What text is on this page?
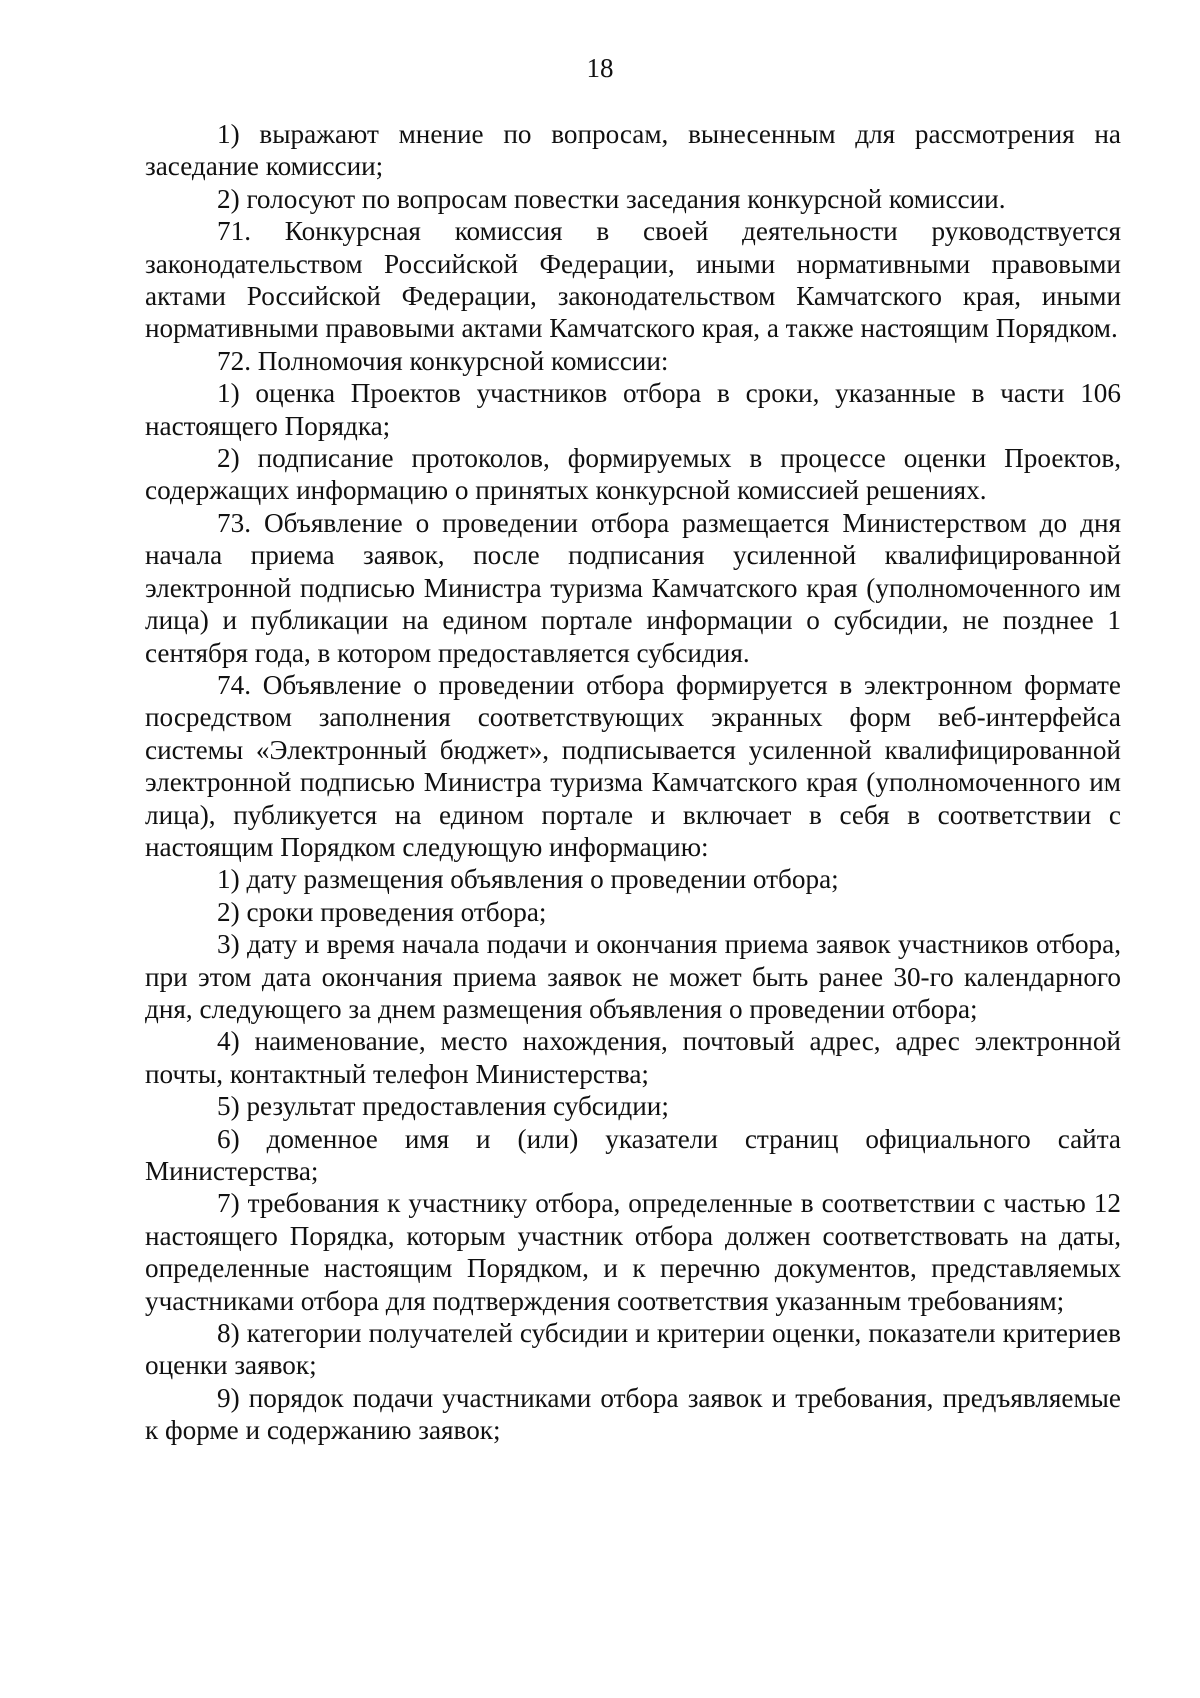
18

1) выражают мнение по вопросам, вынесенным для рассмотрения на заседание комиссии;

2) голосуют по вопросам повестки заседания конкурсной комиссии.

71. Конкурсная комиссия в своей деятельности руководствуется законодательством Российской Федерации, иными нормативными правовыми актами Российской Федерации, законодательством Камчатского края, иными нормативными правовыми актами Камчатского края, а также настоящим Порядком.

72. Полномочия конкурсной комиссии:

1) оценка Проектов участников отбора в сроки, указанные в части 106 настоящего Порядка;

2) подписание протоколов, формируемых в процессе оценки Проектов, содержащих информацию о принятых конкурсной комиссией решениях.

73. Объявление о проведении отбора размещается Министерством до дня начала приема заявок, после подписания усиленной квалифицированной электронной подписью Министра туризма Камчатского края (уполномоченного им лица) и публикации на едином портале информации о субсидии, не позднее 1 сентября года, в котором предоставляется субсидия.

74. Объявление о проведении отбора формируется в электронном формате посредством заполнения соответствующих экранных форм веб-интерфейса системы «Электронный бюджет», подписывается усиленной квалифицированной электронной подписью Министра туризма Камчатского края (уполномоченного им лица), публикуется на едином портале и включает в себя в соответствии с настоящим Порядком следующую информацию:

1) дату размещения объявления о проведении отбора;

2) сроки проведения отбора;

3) дату и время начала подачи и окончания приема заявок участников отбора, при этом дата окончания приема заявок не может быть ранее 30-го календарного дня, следующего за днем размещения объявления о проведении отбора;

4) наименование, место нахождения, почтовый адрес, адрес электронной почты, контактный телефон Министерства;

5) результат предоставления субсидии;

6) доменное имя и (или) указатели страниц официального сайта Министерства;

7) требования к участнику отбора, определенные в соответствии с частью 12 настоящего Порядка, которым участник отбора должен соответствовать на даты, определенные настоящим Порядком, и к перечню документов, представляемых участниками отбора для подтверждения соответствия указанным требованиям;

8) категории получателей субсидии и критерии оценки, показатели критериев оценки заявок;

9) порядок подачи участниками отбора заявок и требования, предъявляемые к форме и содержанию заявок;
